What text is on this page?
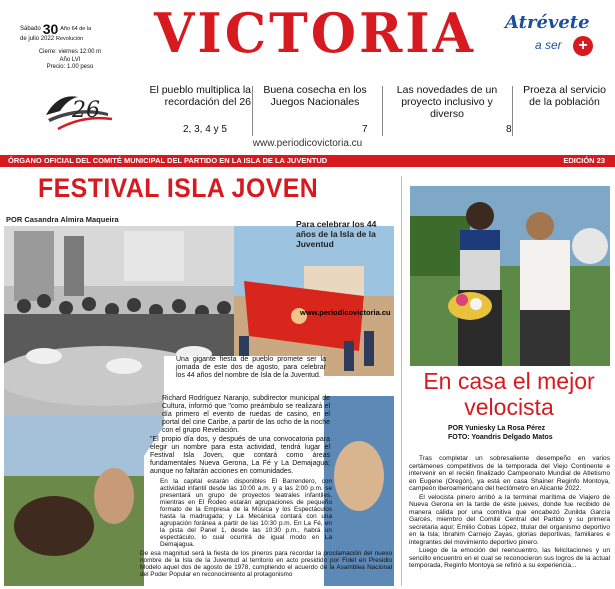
Sábado 30 Año 64 de la
de julio 2022 Revolución
Cierre: viernes 12:00 m
Año LVI
Precio: 1.00 peso
VICTORIA	Atrévete
a ser	+
26
El pueblo multiplica la recordación del 26
2, 3, 4 y 5
Buena cosecha en los Juegos Nacionales
7
Las novedades de un proyecto inclusivo y diverso
8
Proeza al servicio de la población
www.periodicovictoria.cu
ÓRGANO OFICIAL DEL COMITÉ MUNICIPAL DEL PARTIDO EN LA ISLA DE LA JUVENTUD	EDICIÓN 23
FESTIVAL ISLA JOVEN
POR Casandra Almira Maqueira	Para celebrar los 44 años de la Isla de la Juventud
www.periodicovictoria.cu
Una gigante fiesta de pueblo promete ser la jornada de este dos de agosto, para celebrar los 44 años del nombre de Isla de la Juventud.
Richard Rodríguez Naranjo, subdirector municipal de Cultura, informó que "como preámbulo se realizará el día primero el evento de ruedas de casino, en el portal del cine Caribe, a partir de las ocho de la noche con el grupo Revelación.
"El propio día dos, y después de una convocatoria para elegir un nombre para esta actividad, tendrá lugar el Festival Isla Joven, que contará como áreas fundamentales Nueva Gerona, La Fé y La Demajagua; aunque no faltarán acciones en comunidades.
En la capital estarán disponibles El Barrendero, con actividad infantil desde las 10:00 a.m. y a las 2:00 p.m. se presentará un grupo de proyectos teatrales infantiles, mientras en El Rodeo estarán agrupaciones de pequeño formato de la Empresa de la Música y los Espectáculos hasta la madrugada; y La Mecánica contará con una agrupación foránea a partir de las 10:30 p.m. En La Fé, en la pista del Panel 1, desde las 10:30 p.m., habrá un espectáculo, lo cual ocurrirá de igual modo en La Demajagua.
De esa magnitud será la fiesta de los pineros para recordar la proclamación del nuevo nombre de la Isla de la Juventud al territorio en acto presidido por Fidel en Presidio Modelo aquel dos de agosto de 1978, cumpliendo el acuerdo de la Asamblea Nacional del Poder Popular en reconocimiento al protagonismo
En casa el mejor velocista
POR Yuniesky La Rosa Pérez
FOTO: Yoandris Delgado Matos

Tras completar un sobresaliente desempeño en varios certámenes competitivos de la temporada del Viejo Continente e intervenir en el recién finalizado Campeonato Mundial de Atletismo en Eugene (Oregón), ya está en casa Shainer Reginfo Montoya, campeón iberoamericano del hectómetro en Alicante 2022.

El velocista pinero arribó a la terminal marítima de Viajero de Nueva Gerona en la tarde de este jueves, donde fue recibido de manera cálida por una comitiva que encabezó Zunilda García Garcés, miembro del Comité Central del Partido y su primera secretaria aquí; Emilio Cobas López, titular del organismo deportivo en la Isla; Ibrahim Carnejo Zayas, glorias deportivas, familiares e integrantes del movimiento deportivo pinero.

Luego de la emoción del reencuentro, las felicitaciones y un sencillo encuentro en el cual se reconocieron sus logros de la actual temporada, Reginfo Montoya se refirió a su experiencia...
